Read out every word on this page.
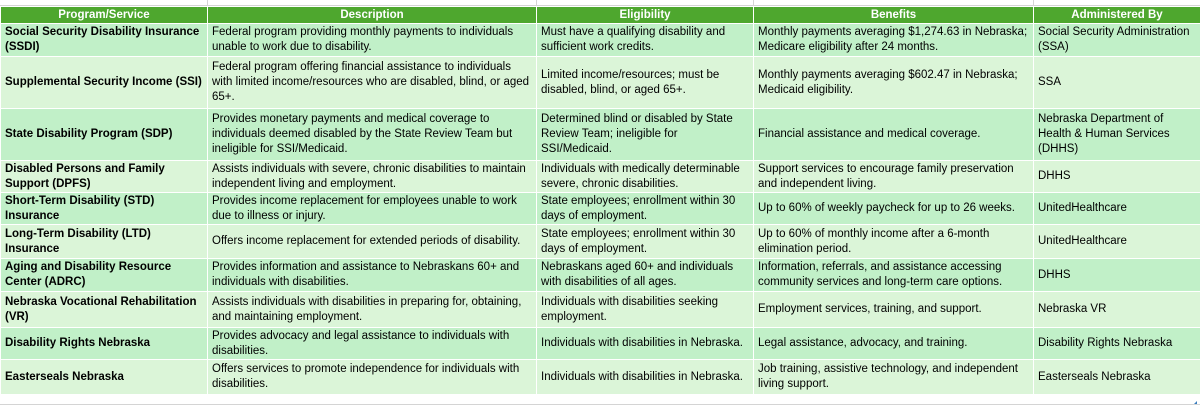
Program/Service	Description	Eligibility	Benefits	Administered By
Social Security Disability Insurance (SSDI)	Federal program providing monthly payments to individuals unable to work due to disability.	Must have a qualifying disability and sufficient work credits.	Monthly payments averaging $1,274.63 in Nebraska; Medicare eligibility after 24 months.	Social Security Administration (SSA)
Supplemental Security Income (SSI)	Federal program offering financial assistance to individuals with limited income/resources who are disabled, blind, or aged 65+.	Limited income/resources; must be disabled, blind, or aged 65+.	Monthly payments averaging $602.47 in Nebraska; Medicaid eligibility.	SSA
State Disability Program (SDP)	Provides monetary payments and medical coverage to individuals deemed disabled by the State Review Team but ineligible for SSI/Medicaid.	Determined blind or disabled by State Review Team; ineligible for SSI/Medicaid.	Financial assistance and medical coverage.	Nebraska Department of Health & Human Services (DHHS)
Disabled Persons and Family Support (DPFS)	Assists individuals with severe, chronic disabilities to maintain independent living and employment.	Individuals with medically determinable severe, chronic disabilities.	Support services to encourage family preservation and independent living.	DHHS
Short-Term Disability (STD) Insurance	Provides income replacement for employees unable to work due to illness or injury.	State employees; enrollment within 30 days of employment.	Up to 60% of weekly paycheck for up to 26 weeks.	UnitedHealthcare
Long-Term Disability (LTD) Insurance	Offers income replacement for extended periods of disability.	State employees; enrollment within 30 days of employment.	Up to 60% of monthly income after a 6-month elimination period.	UnitedHealthcare
Aging and Disability Resource Center (ADRC)	Provides information and assistance to Nebraskans 60+ and individuals with disabilities.	Nebraskans aged 60+ and individuals with disabilities of all ages.	Information, referrals, and assistance accessing community services and long-term care options.	DHHS
Nebraska Vocational Rehabilitation (VR)	Assists individuals with disabilities in preparing for, obtaining, and maintaining employment.	Individuals with disabilities seeking employment.	Employment services, training, and support.	Nebraska VR
Disability Rights Nebraska	Provides advocacy and legal assistance to individuals with disabilities.	Individuals with disabilities in Nebraska.	Legal assistance, advocacy, and training.	Disability Rights Nebraska
Easterseals Nebraska	Offers services to promote independence for individuals with disabilities.	Individuals with disabilities in Nebraska.	Job training, assistive technology, and independent living support.	Easterseals Nebraska
